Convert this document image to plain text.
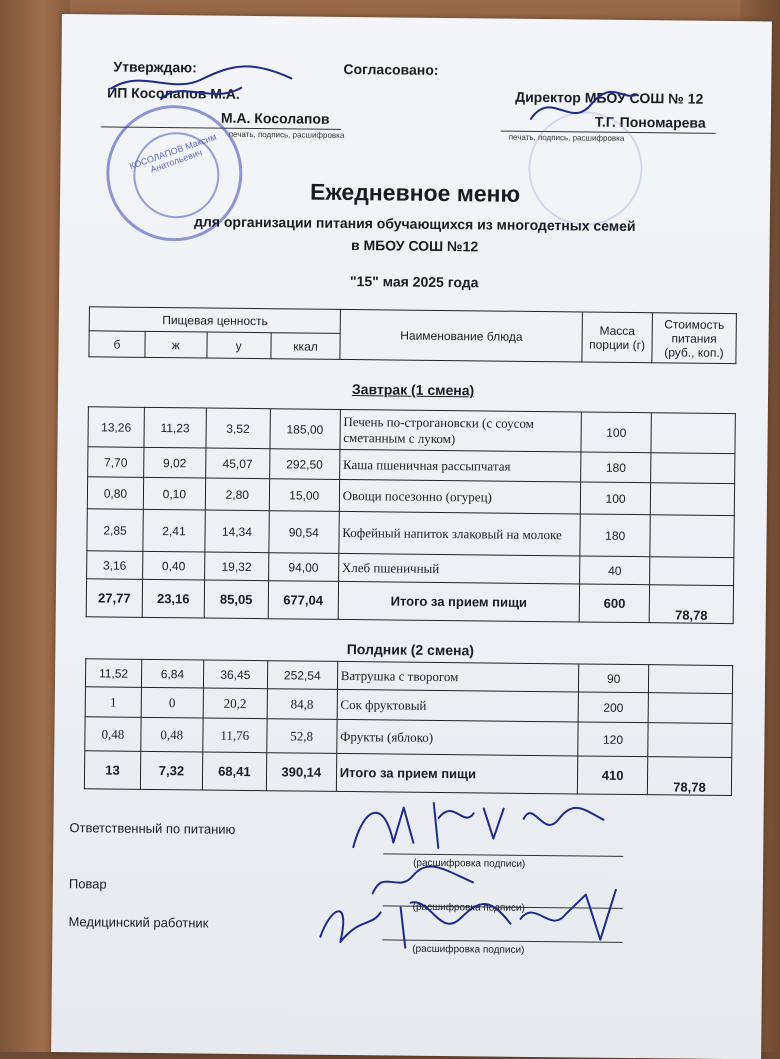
Утверждаю:
ИП Косолапов М.А.
М.А. Косолапов
печать, подпись, расшифровка
Согласовано:
Директор МБОУ СОШ № 12
Т.Г. Пономарева
печать, подпись, расшифровка
КОСОЛАПОВ Максим Анатольевич
Ежедневное меню
для организации питания обучающихся из многодетных семей
в МБОУ СОШ №12
"15" мая 2025 года
Пищевая ценность				Наименование блюда	Масса порции (г)	Стоимость питания (руб., коп.)
б	ж	у	ккал			
Завтрак (1 смена)
13,26	11,23	3,52	185,00	Печень по-строгановски (с соусом сметанным с луком)	100	
7,70	9,02	45,07	292,50	Каша пшеничная рассыпчатая	180	
0,80	0,10	2,80	15,00	Овощи посезонно (огурец)	100	
2,85	2,41	14,34	90,54	Кофейный напиток злаковый на молоке	180	
3,16	0,40	19,32	94,00	Хлеб пшеничный	40	
27,77	23,16	85,05	677,04	Итого за прием пищи	600	78,78
Полдник (2 смена)
11,52	6,84	36,45	252,54	Ватрушка с творогом	90	
1	0	20,2	84,8	Сок фруктовый	200	
0,48	0,48	11,76	52,8	Фрукты (яблоко)	120	
13	7,32	68,41	390,14	Итого за прием пищи	410	78,78
Ответственный по питанию
(расшифровка подписи)
Повар
(расшифровка подписи)
Медицинский работник
(расшифровка подписи)
